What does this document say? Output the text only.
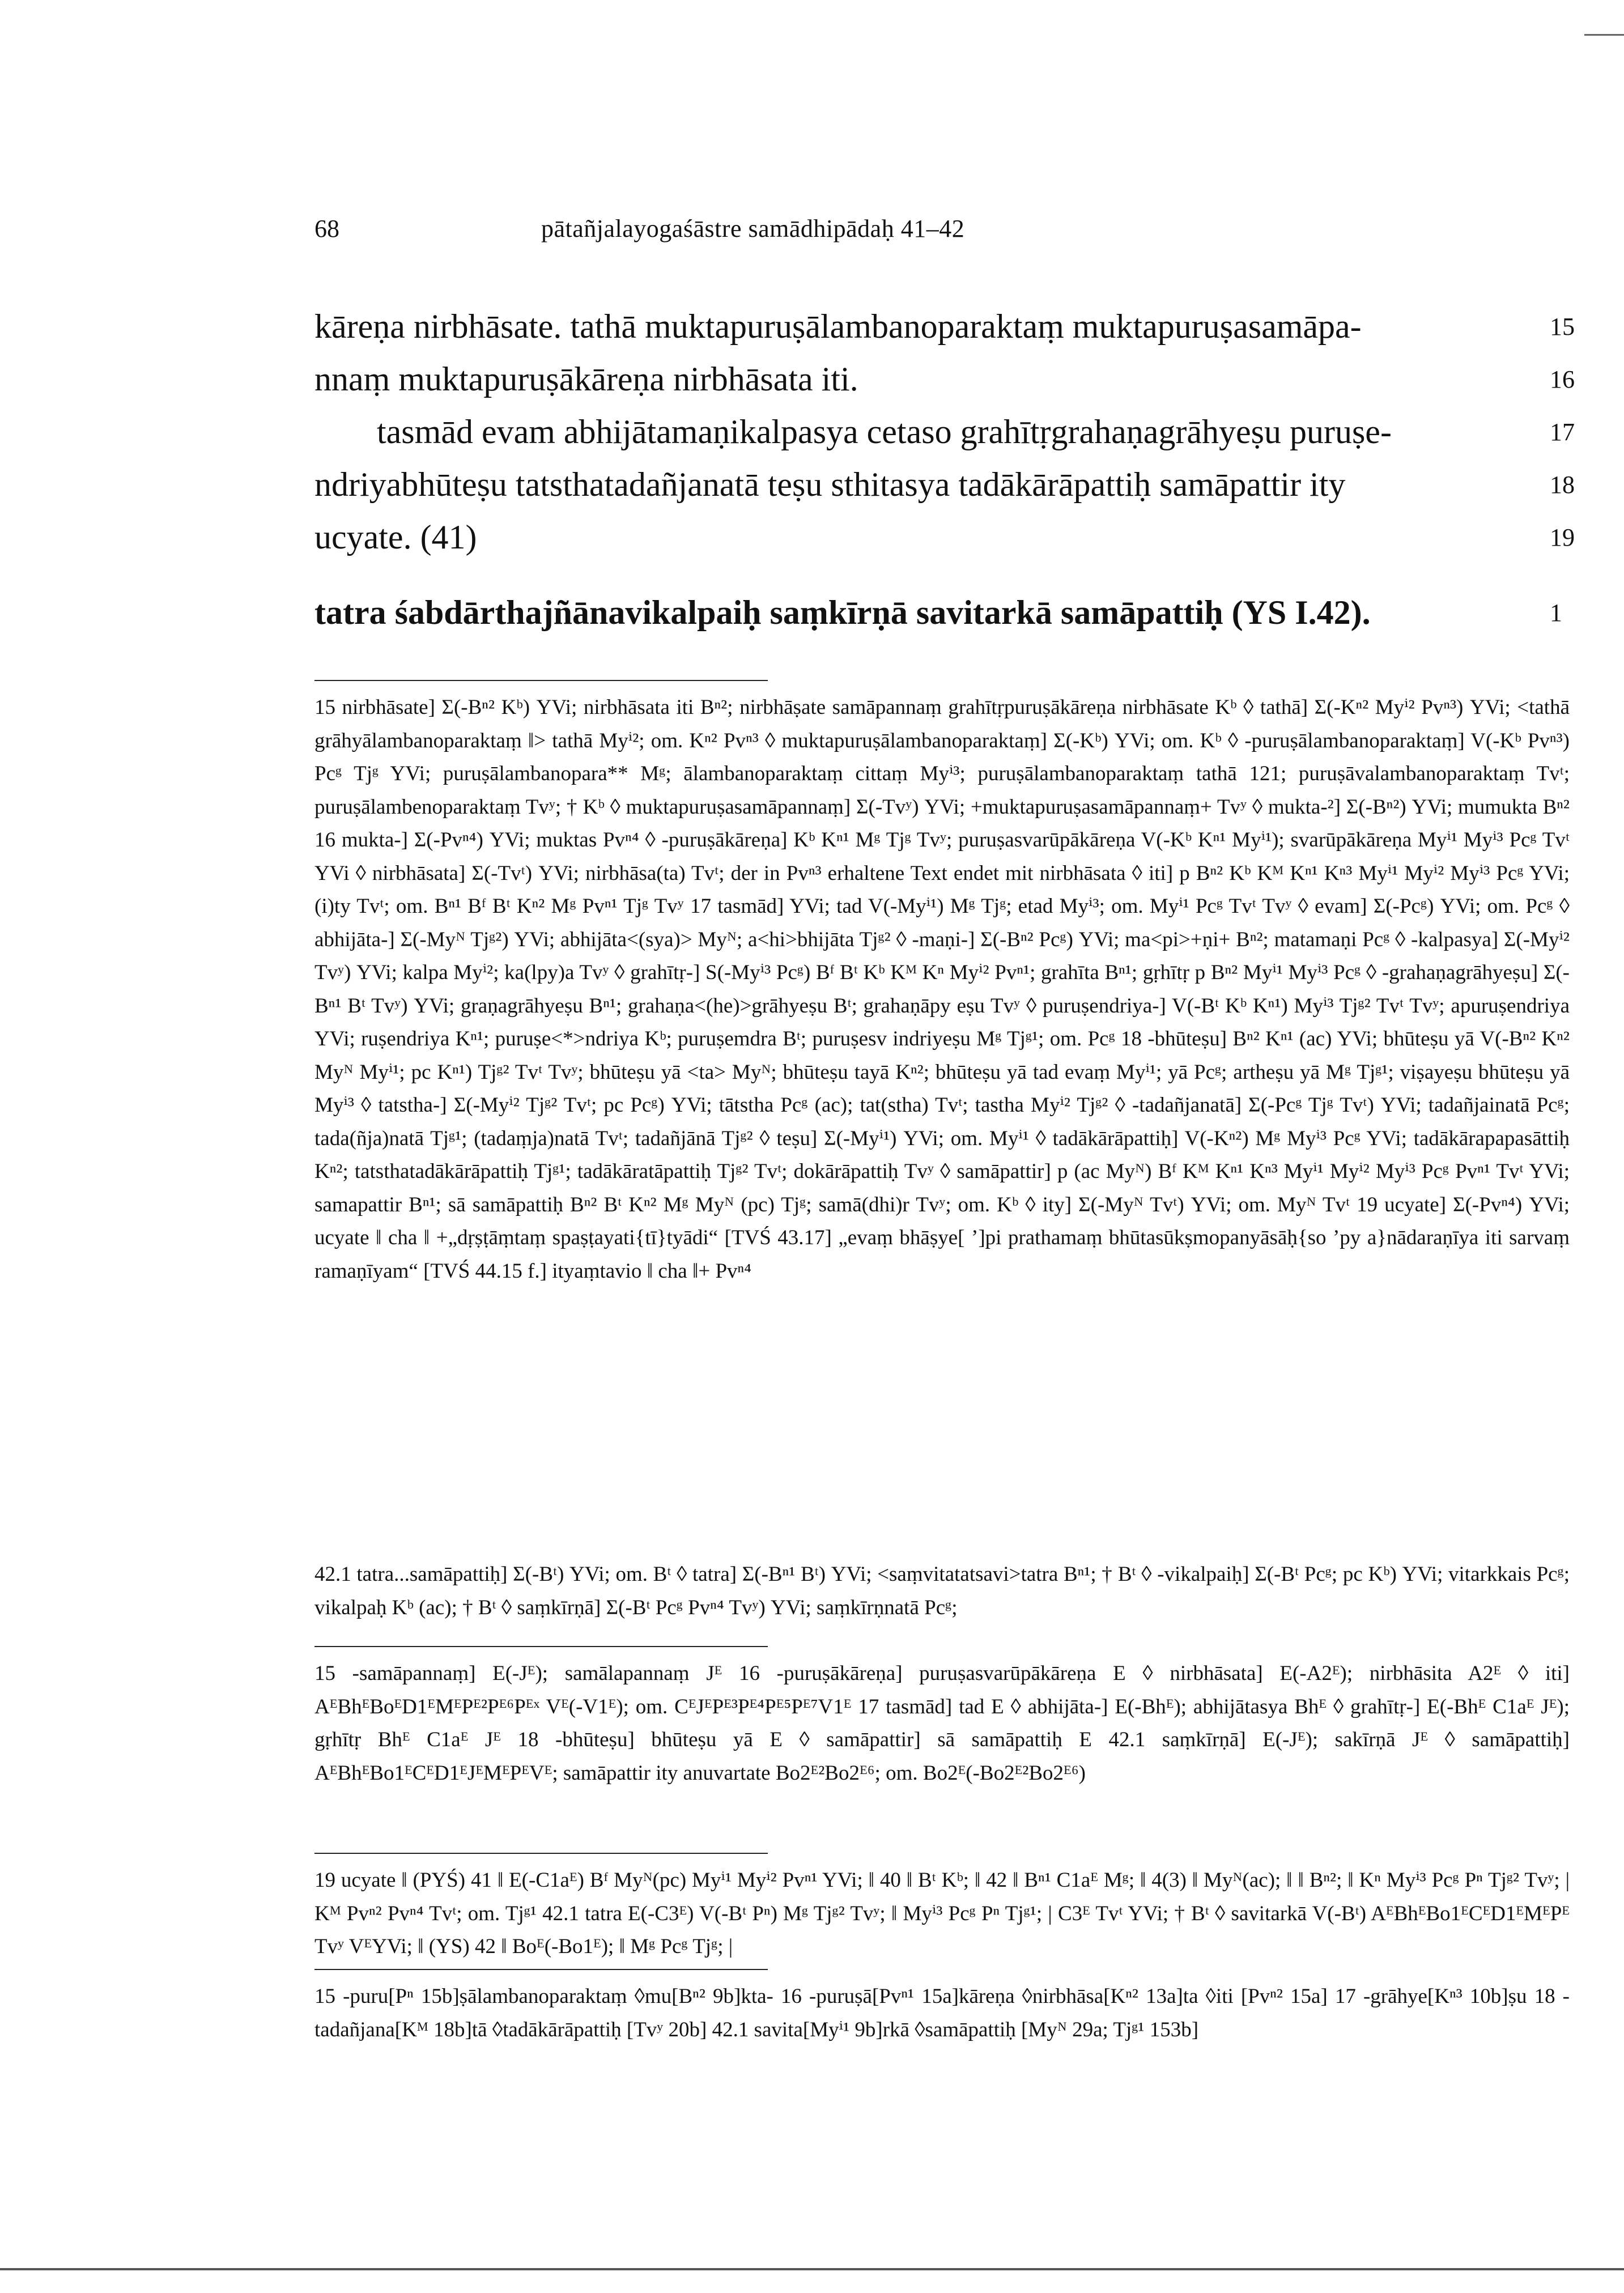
68	pātañjalayogaśāstre samādhipādaḥ 41–42
kāreṇa nirbhāsate. tathā muktapuruṣālambanoparaktaṃ muktapuruṣasamāpa-	15
nnaṃ muktapuruṣākāreṇa nirbhāsata iti.	16
tasmād evam abhijātamaṇikalpasya cetaso grahītṛgrahaṇagrāhyeṣu puruṣe-	17
ndriyabhūteṣu tatsthatadañjanatā teṣu sthitasya tadākārāpattiḥ samāpattir ity	18
ucyate. (41)	19
tatra śabdārthajñānavikalpaiḥ saṃkīrṇā savitarkā samāpattiḥ (YS I.42).	1

15 nirbhāsate] Σ(-Bⁿ² Kᵇ) YVi; nirbhāsata iti Bⁿ²; nirbhāṣate samāpannaṃ grahītṛpuruṣākāreṇa nirbhāsate Kᵇ ◊ tathā] Σ(-Kⁿ² Myⁱ² Pvⁿ³) YVi; <tathā grāhyālambanoparaktaṃ ‖> tathā Myⁱ²; om. Kⁿ² Pvⁿ³ ◊ muktapuruṣālambanoparaktaṃ] Σ(-Kᵇ) YVi; om. Kᵇ ◊ -puruṣālambanoparaktaṃ] V(-Kᵇ Pvⁿ³) Pcᵍ Tjᵍ YVi; puruṣālambanopara** Mᵍ; ālambanoparaktaṃ cittaṃ Myⁱ³; puruṣālambanoparaktaṃ tathā 121; puruṣāvalambanoparaktaṃ Tvᵗ; puruṣālambenoparaktaṃ Tvʸ; † Kᵇ ◊ muktapuruṣasamāpannaṃ] Σ(-Tvʸ) YVi; +muktapuruṣasamāpannaṃ+ Tvʸ ◊ mukta-²] Σ(-Bⁿ²) YVi; mumukta Bⁿ² 16 mukta-] Σ(-Pvⁿ⁴) YVi; muktas Pvⁿ⁴ ◊ -puruṣākāreṇa] Kᵇ Kⁿ¹ Mᵍ Tjᵍ Tvʸ; puruṣasvarūpākāreṇa V(-Kᵇ Kⁿ¹ Myⁱ¹); svarūpākāreṇa Myⁱ¹ Myⁱ³ Pcᵍ Tvᵗ YVi ◊ nirbhāsata] Σ(-Tvᵗ) YVi; nirbhāsa(ta) Tvᵗ; der in Pvⁿ³ erhaltene Text endet mit nirbhāsata ◊ iti] p Bⁿ² Kᵇ Kᴹ Kⁿ¹ Kⁿ³ Myⁱ¹ Myⁱ² Myⁱ³ Pcᵍ YVi; (i)ty Tvᵗ; om. Bⁿ¹ Bᶠ Bᵗ Kⁿ² Mᵍ Pvⁿ¹ Tjᵍ Tvʸ 17 tasmād] YVi; tad V(-Myⁱ¹) Mᵍ Tjᵍ; etad Myⁱ³; om. Myⁱ¹ Pcᵍ Tvᵗ Tvʸ ◊ evam] Σ(-Pcᵍ) YVi; om. Pcᵍ ◊ abhijāta-] Σ(-Myᴺ Tjᵍ²) YVi; abhijāta<(sya)> Myᴺ; a<hi>bhijāta Tjᵍ² ◊ -maṇi-] Σ(-Bⁿ² Pcᵍ) YVi; ma<pi>+ṇi+ Bⁿ²; matamaṇi Pcᵍ ◊ -kalpasya] Σ(-Myⁱ² Tvʸ) YVi; kalpa Myⁱ²; ka(lpy)a Tvʸ ◊ grahītṛ-] S(-Myⁱ³ Pcᵍ) Bᶠ Bᵗ Kᵇ Kᴹ Kⁿ Myⁱ² Pvⁿ¹; grahīta Bⁿ¹; gṛhītṛ p Bⁿ² Myⁱ¹ Myⁱ³ Pcᵍ ◊ -grahaṇagrāhyeṣu] Σ(-Bⁿ¹ Bᵗ Tvʸ) YVi; graṇagrāhyeṣu Bⁿ¹; grahaṇa<(he)>grāhyeṣu Bᵗ; grahaṇāpy eṣu Tvʸ ◊ puruṣendriya-] V(-Bᵗ Kᵇ Kⁿ¹) Myⁱ³ Tjᵍ² Tvᵗ Tvʸ; apuruṣendriya YVi; ruṣendriya Kⁿ¹; puruṣe<*>ndriya Kᵇ; puruṣemdra Bᵗ; puruṣesv indriyeṣu Mᵍ Tjᵍ¹; om. Pcᵍ 18 -bhūteṣu] Bⁿ² Kⁿ¹ (ac) YVi; bhūteṣu yā V(-Bⁿ² Kⁿ² Myᴺ Myⁱ¹; pc Kⁿ¹) Tjᵍ² Tvᵗ Tvʸ; bhūteṣu yā <ta> Myᴺ; bhūteṣu tayā Kⁿ²; bhūteṣu yā tad evaṃ Myⁱ¹; yā Pcᵍ; artheṣu yā Mᵍ Tjᵍ¹; viṣayeṣu bhūteṣu yā Myⁱ³ ◊ tatstha-] Σ(-Myⁱ² Tjᵍ² Tvᵗ; pc Pcᵍ) YVi; tātstha Pcᵍ (ac); tat(stha) Tvᵗ; tastha Myⁱ² Tjᵍ² ◊ -tadañjanatā] Σ(-Pcᵍ Tjᵍ Tvᵗ) YVi; tadañjainatā Pcᵍ; tada(ñja)natā Tjᵍ¹; (tadaṃja)natā Tvᵗ; tadañjānā Tjᵍ² ◊ teṣu] Σ(-Myⁱ¹) YVi; om. Myⁱ¹ ◊ tadākārāpattiḥ] V(-Kⁿ²) Mᵍ Myⁱ³ Pcᵍ YVi; tadākārapapasāttiḥ Kⁿ²; tatsthatadākārāpattiḥ Tjᵍ¹; tadākāratāpattiḥ Tjᵍ² Tvᵗ; dokārāpattiḥ Tvʸ ◊ samāpattir] p (ac Myᴺ) Bᶠ Kᴹ Kⁿ¹ Kⁿ³ Myⁱ¹ Myⁱ² Myⁱ³ Pcᵍ Pvⁿ¹ Tvᵗ YVi; samapattir Bⁿ¹; sā samāpattiḥ Bⁿ² Bᵗ Kⁿ² Mᵍ Myᴺ (pc) Tjᵍ; samā(dhi)r Tvʸ; om. Kᵇ ◊ ity] Σ(-Myᴺ Tvᵗ) YVi; om. Myᴺ Tvᵗ 19 ucyate] Σ(-Pvⁿ⁴) YVi; ucyate ‖ cha ‖ +„dṛṣṭāṃtaṃ spaṣṭayati{tī}tyādi“ [TVŚ 43.17] „evaṃ bhāṣye[ ’]pi prathamaṃ bhūtasūkṣmopanyāsāḥ{so ’py a}nādaraṇīya iti sarvaṃ ramaṇīyam“ [TVŚ 44.15 f.] ityaṃtavio ‖ cha ‖+ Pvⁿ⁴

42.1 tatra...samāpattiḥ] Σ(-Bᵗ) YVi; om. Bᵗ ◊ tatra] Σ(-Bⁿ¹ Bᵗ) YVi; <saṃvitatatsavi>tatra Bⁿ¹; † Bᵗ ◊ -vikalpaiḥ] Σ(-Bᵗ Pcᵍ; pc Kᵇ) YVi; vitarkkais Pcᵍ; vikalpaḥ Kᵇ (ac); † Bᵗ ◊ saṃkīrṇā] Σ(-Bᵗ Pcᵍ Pvⁿ⁴ Tvʸ) YVi; saṃkīrṇnatā Pcᵍ;

15 -samāpannaṃ] E(-Jᴱ); samālapannaṃ Jᴱ 16 -puruṣākāreṇa] puruṣasvarūpākāreṇa E ◊ nirbhāsata] E(-A2ᴱ); nirbhāsita A2ᴱ ◊ iti] AᴱBhᴱBoᴱD1ᴱMᴱPᴱ²Pᴱ⁶Pᴱˣ Vᴱ(-V1ᴱ); om. CᴱJᴱPᴱ³Pᴱ⁴Pᴱ⁵Pᴱ⁷V1ᴱ 17 tasmād] tad E ◊ abhijāta-] E(-Bhᴱ); abhijātasya Bhᴱ ◊ grahītṛ-] E(-Bhᴱ C1aᴱ Jᴱ); gṛhītṛ Bhᴱ C1aᴱ Jᴱ 18 -bhūteṣu] bhūteṣu yā E ◊ samāpattir] sā samāpattiḥ E 42.1 saṃkīrṇā] E(-Jᴱ); sakīrṇā Jᴱ ◊ samāpattiḥ] AᴱBhᴱBo1ᴱCᴱD1ᴱJᴱMᴱPᴱVᴱ; samāpattir ity anuvartate Bo2ᴱ²Bo2ᴱ⁶; om. Bo2ᴱ(-Bo2ᴱ²Bo2ᴱ⁶)

19 ucyate ‖ (PYŚ) 41 ‖ E(-C1aᴱ) Bᶠ Myᴺ(pc) Myⁱ¹ Myⁱ² Pvⁿ¹ YVi; ‖ 40 ‖ Bᵗ Kᵇ; ‖ 42 ‖ Bⁿ¹ C1aᴱ Mᵍ; ‖ 4(3) ‖ Myᴺ(ac); ‖ ‖ Bⁿ²; ‖ Kⁿ Myⁱ³ Pcᵍ Pⁿ Tjᵍ² Tvʸ; | Kᴹ Pvⁿ² Pvⁿ⁴ Tvᵗ; om. Tjᵍ¹ 42.1 tatra E(-C3ᴱ) V(-Bᵗ Pⁿ) Mᵍ Tjᵍ² Tvʸ; ‖ Myⁱ³ Pcᵍ Pⁿ Tjᵍ¹; | C3ᴱ Tvᵗ YVi; † Bᵗ ◊ savitarkā V(-Bᵗ) AᴱBhᴱBo1ᴱCᴱD1ᴱMᴱPᴱ Tvʸ VᴱYVi; ‖ (YS) 42 ‖ Boᴱ(-Bo1ᴱ); ‖ Mᵍ Pcᵍ Tjᵍ; |

15 -puru[Pⁿ 15b]ṣālambanoparaktaṃ ◊mu[Bⁿ² 9b]kta- 16 -puruṣā[Pvⁿ¹ 15a]kāreṇa ◊nirbhāsa[Kⁿ² 13a]ta ◊iti [Pvⁿ² 15a] 17 -grāhye[Kⁿ³ 10b]ṣu 18 -tadañjana[Kᴹ 18b]tā ◊tadākārāpattiḥ [Tvʸ 20b] 42.1 savita[Myⁱ¹ 9b]rkā ◊samāpattiḥ [Myᴺ 29a; Tjᵍ¹ 153b]
